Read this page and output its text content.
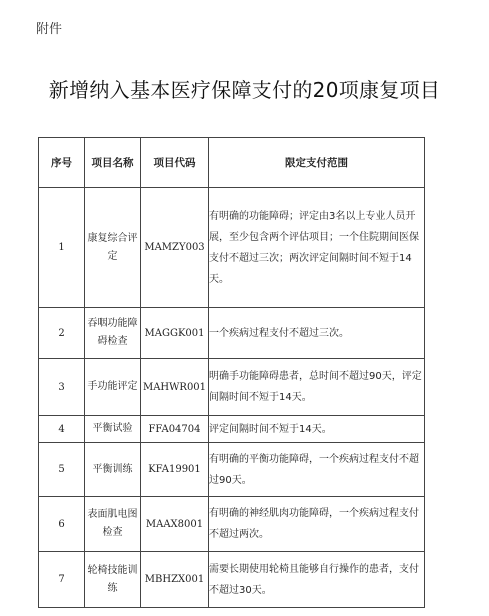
附件
新增纳入基本医疗保障支付的20项康复项目
序号	项目名称	项目代码	限定支付范围
1	康复综合评定	MAMZY003	有明确的功能障碍；评定由3名以上专业人员开展，至少包含两个评估项目；一个住院期间医保支付不超过三次；两次评定间隔时间不短于14天。
2	吞咽功能障碍检查	MAGGK001	一个疾病过程支付不超过三次。
3	手功能评定	MAHWR001	明确手功能障碍患者，总时间不超过90天，评定间隔时间不短于14天。
4	平衡试验	FFA04704	评定间隔时间不短于14天。
5	平衡训练	KFA19901	有明确的平衡功能障碍，一个疾病过程支付不超过90天。
6	表面肌电图检查	MAAX8001	有明确的神经肌肉功能障碍，一个疾病过程支付不超过两次。
7	轮椅技能训练	MBHZX001	需要长期使用轮椅且能够自行操作的患者，支付不超过30天。
